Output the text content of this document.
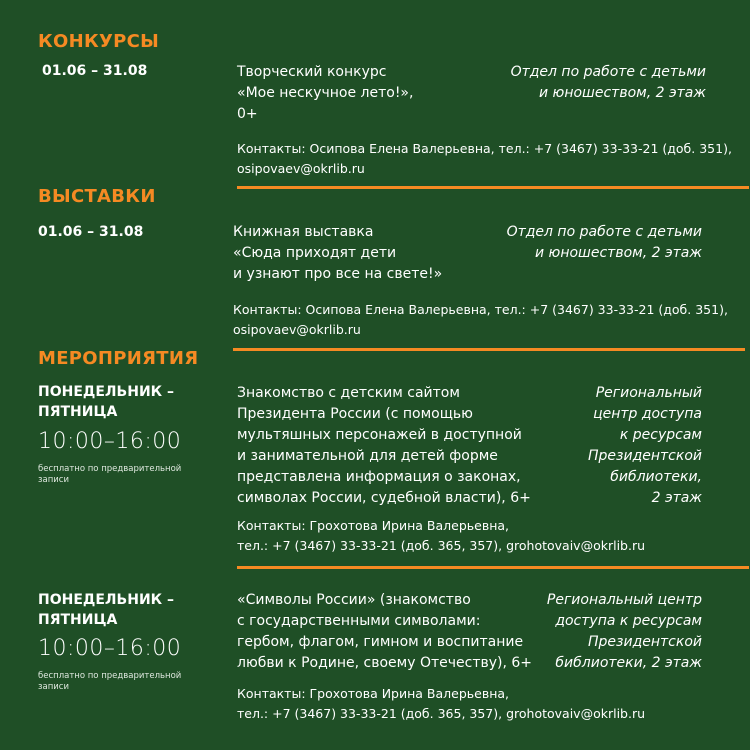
КОНКУРСЫ
01.06 – 31.08	Творческий конкурс
«Мое нескучное лето!»,
0+
Отдел по работе с детьми
и юношеством, 2 этаж
Контакты: Осипова Елена Валерьевна, тел.: +7 (3467) 33-33-21 (доб. 351),
osipovaev@okrlib.ru
ВЫСТАВКИ
01.06 – 31.08	Книжная выставка
«Сюда приходят дети
и узнают про все на свете!»
Отдел по работе с детьми
и юношеством, 2 этаж
Контакты: Осипова Елена Валерьевна, тел.: +7 (3467) 33-33-21 (доб. 351),
osipovaev@okrlib.ru
МЕРОПРИЯТИЯ
ПОНЕДЕЛЬНИК –
ПЯТНИЦА
10:00–16:00
бесплатно по предварительной
записи
Знакомство с детским сайтом
Президента России (с помощью
мультяшных персонажей в доступной
и занимательной для детей форме
представлена информация о законах,
символах России, судебной власти), 6+
Региональный
центр доступа
к ресурсам
Президентской
библиотеки,
2 этаж
Контакты: Грохотова Ирина Валерьевна,
тел.: +7 (3467) 33-33-21 (доб. 365, 357), grohotovaiv@okrlib.ru
ПОНЕДЕЛЬНИК –
ПЯТНИЦА
10:00–16:00
бесплатно по предварительной
записи
«Символы России» (знакомство
с государственными символами:
гербом, флагом, гимном и воспитание
любви к Родине, своему Отечеству), 6+
Региональный центр
доступа к ресурсам
Президентской
библиотеки, 2 этаж
Контакты: Грохотова Ирина Валерьевна,
тел.: +7 (3467) 33-33-21 (доб. 365, 357), grohotovaiv@okrlib.ru
